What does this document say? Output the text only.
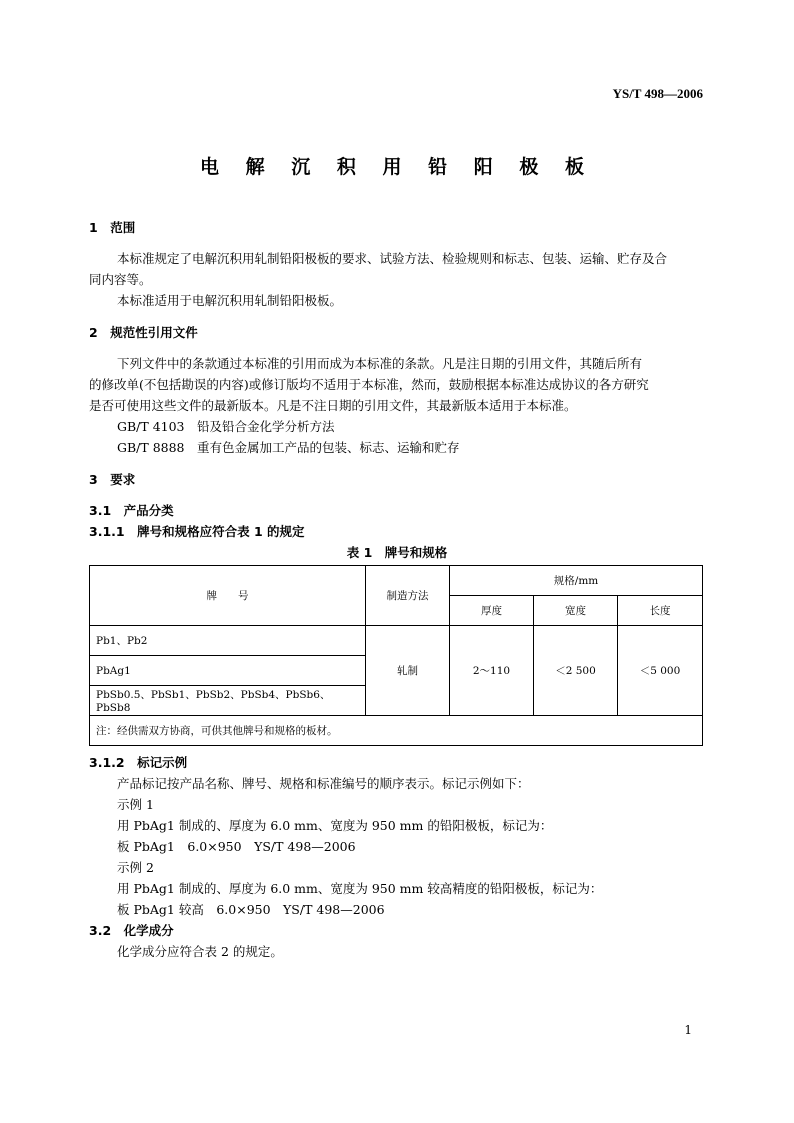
YS/T 498—2006
电 解 沉 积 用 铅 阳 极 板
1　范围
本标准规定了电解沉积用轧制铅阳极板的要求、试验方法、检验规则和标志、包装、运输、贮存及合
同内容等。
本标准适用于电解沉积用轧制铅阳极板。
2　规范性引用文件
下列文件中的条款通过本标准的引用而成为本标准的条款。凡是注日期的引用文件，其随后所有
的修改单(不包括勘误的内容)或修订版均不适用于本标准，然而，鼓励根据本标准达成协议的各方研究
是否可使用这些文件的最新版本。凡是不注日期的引用文件，其最新版本适用于本标准。
GB/T 4103　铅及铅合金化学分析方法
GB/T 8888　重有色金属加工产品的包装、标志、运输和贮存
3　要求
3.1　产品分类
3.1.1　牌号和规格应符合表 1 的规定
表 1　牌号和规格
牌　　号	制造方法	规格/mm		
		厚度	宽度	长度
Pb1、Pb2	轧制	2～110	＜2 500	＜5 000
PbAg1				
PbSb0.5、PbSb1、PbSb2、PbSb4、PbSb6、PbSb8				
注：经供需双方协商，可供其他牌号和规格的板材。				
3.1.2　标记示例
产品标记按产品名称、牌号、规格和标准编号的顺序表示。标记示例如下：
示例 1
用 PbAg1 制成的、厚度为 6.0 mm、宽度为 950 mm 的铅阳极板，标记为：
板 PbAg1　6.0×950　YS/T 498—2006
示例 2
用 PbAg1 制成的、厚度为 6.0 mm、宽度为 950 mm 较高精度的铅阳极板，标记为：
板 PbAg1 较高　6.0×950　YS/T 498—2006
3.2　化学成分
化学成分应符合表 2 的规定。
1
